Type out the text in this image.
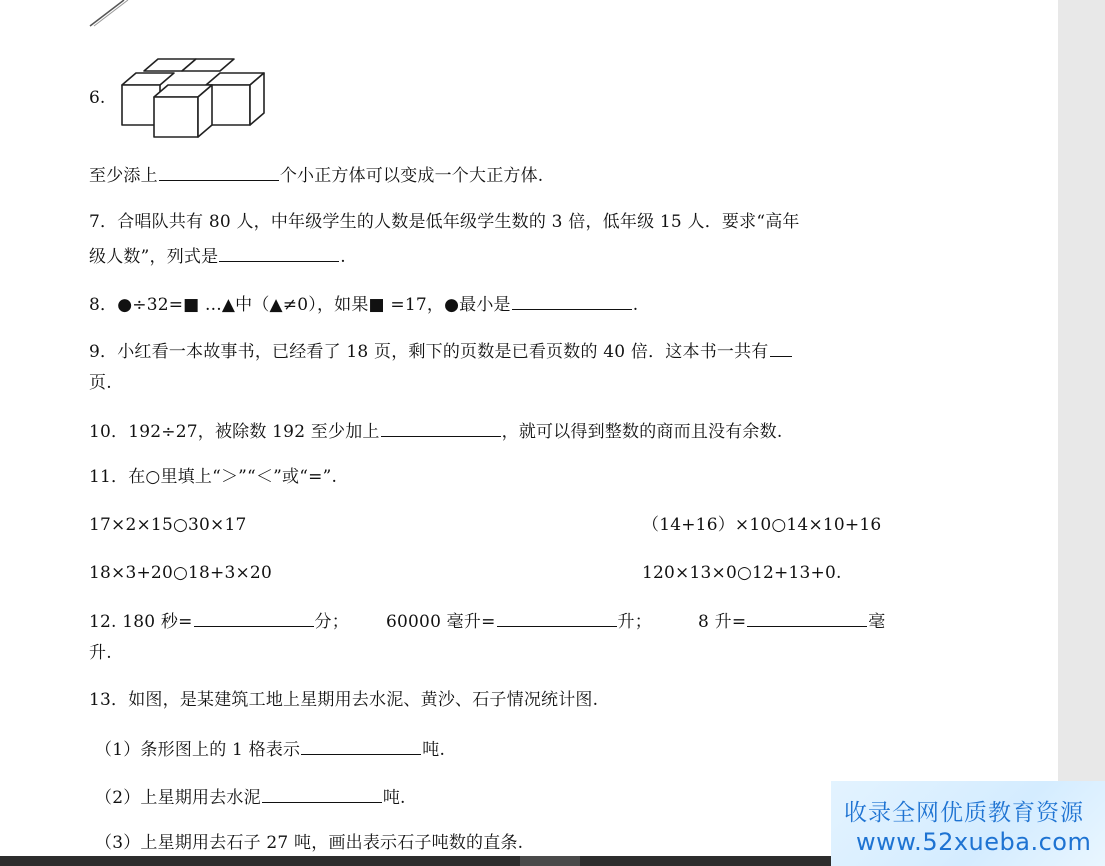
6.
至少添上	个小正方体可以变成一个大正方体.
7．合唱队共有 80 人，中年级学生的人数是低年级学生数的 3 倍，低年级 15 人．要求“高年
级人数”，列式是	.
8．●÷32=■ ...▲中（▲≠0），如果■ =17，●最小是	.
9．小红看一本故事书，已经看了 18 页，剩下的页数是已看页数的 40 倍．这本书一共有
页.
10．192÷27，被除数 192 至少加上	，就可以得到整数的商而且没有余数.
11．在○里填上“＞”“＜”或“=”.
17×2×15○30×17	（14+16）×10○14×10+16
18×3+20○18+3×20	120×13×0○12+13+0.
12. 180 秒=	分； 60000 毫升=	升；	8 升=	毫
升.
13．如图，是某建筑工地上星期用去水泥、黄沙、石子情况统计图.
（1）条形图上的 1 格表示	吨.
（2）上星期用去水泥	吨.
（3）上星期用去石子 27 吨，画出表示石子吨数的直条.
收录全网优质教育资源
www.52xueba.com
